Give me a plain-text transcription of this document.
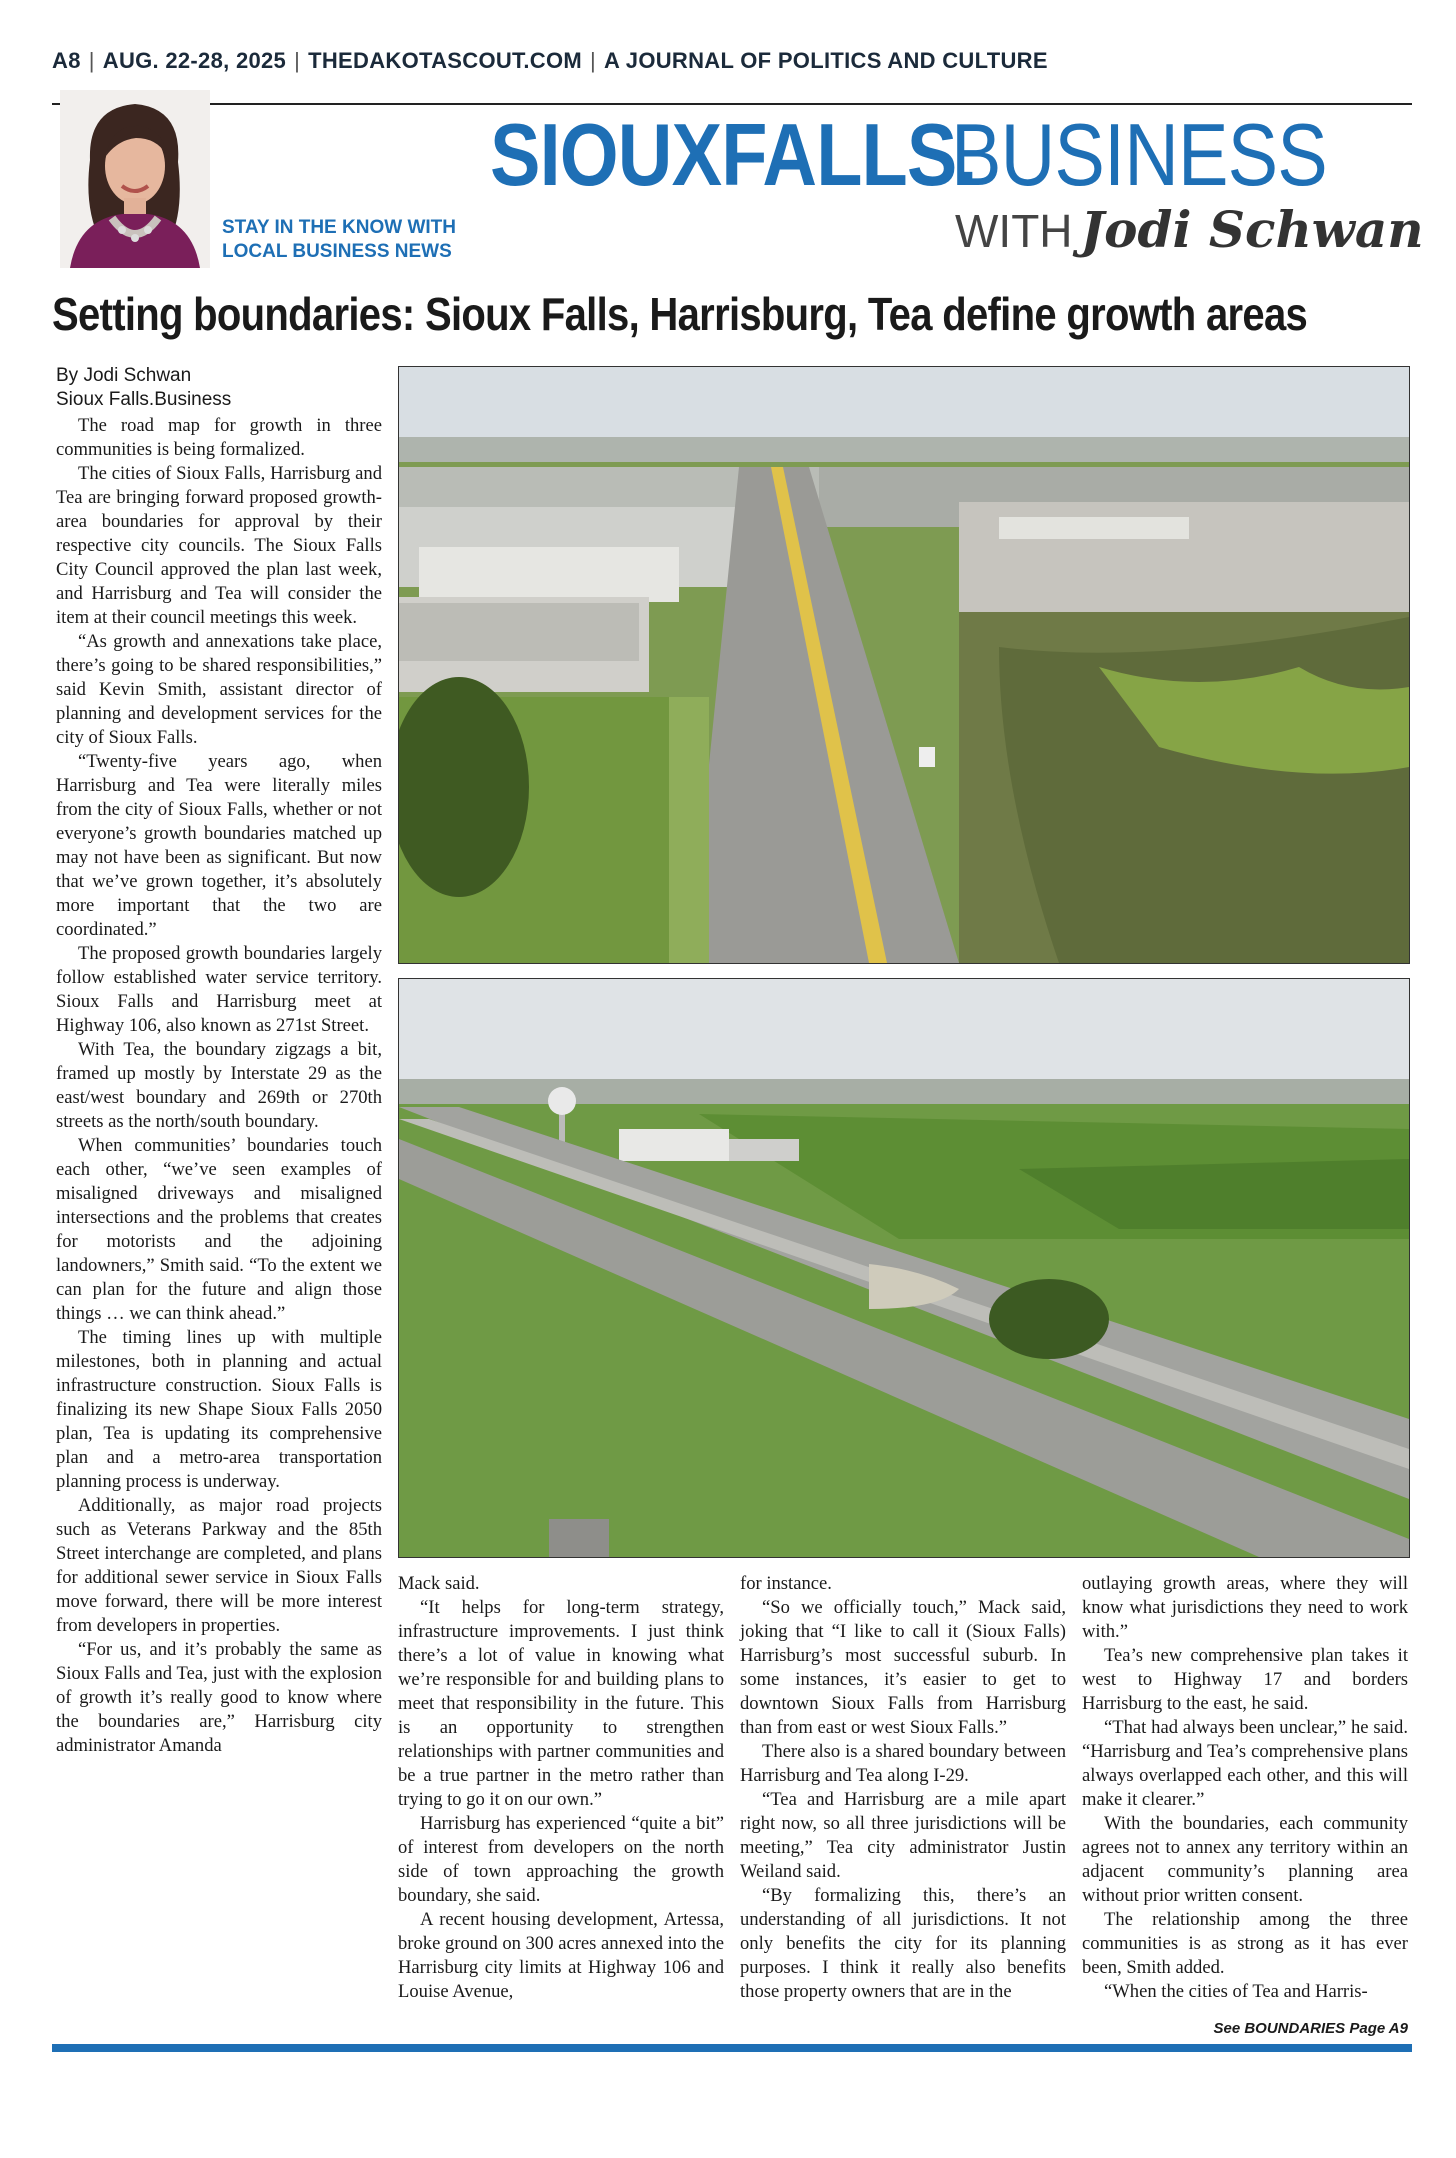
A8 | AUG. 22-28, 2025 | THEDAKOTASCOUT.COM | A JOURNAL OF POLITICS AND CULTURE
STAY IN THE KNOW WITH
LOCAL BUSINESS NEWS
SIOUXFALLS.BUSINESS
WITH Jodi Schwan
Setting boundaries: Sioux Falls, Harrisburg, Tea define growth areas
By Jodi Schwan
Sioux Falls.Business

The road map for growth in three communities is being formalized.

The cities of Sioux Falls, Harrisburg and Tea are bringing forward proposed growth-area boundaries for approval by their respective city councils. The Sioux Falls City Council approved the plan last week, and Harrisburg and Tea will consider the item at their council meetings this week.

“As growth and annexations take place, there’s going to be shared responsibilities,” said Kevin Smith, assistant director of planning and development services for the city of Sioux Falls.

“Twenty-five years ago, when Harrisburg and Tea were literally miles from the city of Sioux Falls, whether or not everyone’s growth boundaries matched up may not have been as significant. But now that we’ve grown together, it’s absolutely more important that the two are coordinated.”

The proposed growth boundaries largely follow established water service territory. Sioux Falls and Harrisburg meet at Highway 106, also known as 271st Street.

With Tea, the boundary zigzags a bit, framed up mostly by Interstate 29 as the east/west boundary and 269th or 270th streets as the north/south boundary.

When communities’ boundaries touch each other, “we’ve seen examples of misaligned driveways and misaligned intersections and the problems that creates for motorists and the adjoining landowners,” Smith said. “To the extent we can plan for the future and align those things … we can think ahead.”

The timing lines up with multiple milestones, both in planning and actual infrastructure construction. Sioux Falls is finalizing its new Shape Sioux Falls 2050 plan, Tea is updating its comprehensive plan and a metro-area transportation planning process is underway.

Additionally, as major road projects such as Veterans Parkway and the 85th Street interchange are completed, and plans for additional sewer service in Sioux Falls move forward, there will be more interest from developers in properties.

“For us, and it’s probably the same as Sioux Falls and Tea, just with the explosion of growth it’s really good to know where the boundaries are,” Harrisburg city administrator Amanda

Mack said.

“It helps for long-term strategy, infrastructure improvements. I just think there’s a lot of value in knowing what we’re responsible for and building plans to meet that responsibility in the future. This is an opportunity to strengthen relationships with partner communities and be a true partner in the metro rather than trying to go it on our own.”

Harrisburg has experienced “quite a bit” of interest from developers on the north side of town approaching the growth boundary, she said.

A recent housing development, Artessa, broke ground on 300 acres annexed into the Harrisburg city limits at Highway 106 and Louise Avenue,

for instance.

“So we officially touch,” Mack said, joking that “I like to call it (Sioux Falls) Harrisburg’s most successful suburb. In some instances, it’s easier to get to downtown Sioux Falls from Harrisburg than from east or west Sioux Falls.”

There also is a shared boundary between Harrisburg and Tea along I-29.

“Tea and Harrisburg are a mile apart right now, so all three jurisdictions will be meeting,” Tea city administrator Justin Weiland said.

“By formalizing this, there’s an understanding of all jurisdictions. It not only benefits the city for its planning purposes. I think it really also benefits those property owners that are in the

outlaying growth areas, where they will know what jurisdictions they need to work with.”

Tea’s new comprehensive plan takes it west to Highway 17 and borders Harrisburg to the east, he said.

“That had always been unclear,” he said. “Harrisburg and Tea’s comprehensive plans always overlapped each other, and this will make it clearer.”

With the boundaries, each community agrees not to annex any territory within an adjacent community’s planning area without prior written consent.

The relationship among the three communities is as strong as it has ever been, Smith added.

“When the cities of Tea and Harris-

See BOUNDARIES Page A9
